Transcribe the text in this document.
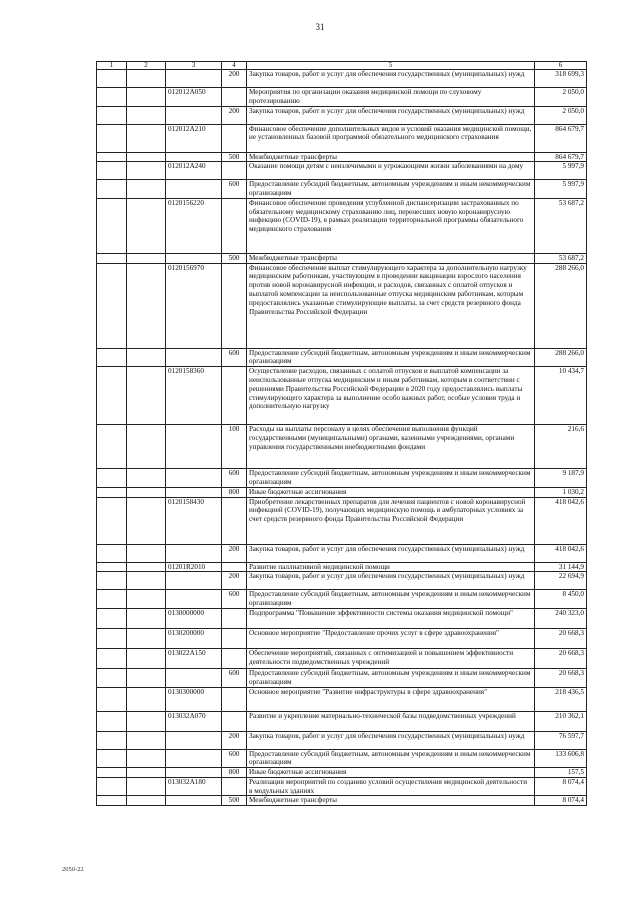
31
1	2	3	4	5	6
			200	Закупка товаров, работ и услуг для обеспечения государственных (муниципальных) нужд	318 699,3
		012012A050		Мероприятия по организации оказания медицинской помощи по слуховому протезированию	2 050,0
			200	Закупка товаров, работ и услуг для обеспечения государственных (муниципальных) нужд	2 050,0
		012012A210		Финансовое обеспечение дополнительных видов и условий оказания медицинской помощи, не установленных базовой программой обязательного медицинского страхования	864 679,7
			500	Межбюджетные трансферты	864 679,7
		012012A240		Оказание помощи детям с неизлечимыми и угрожающими жизни заболеваниями на дому	5 997,9
			600	Предоставление субсидий бюджетным, автономным учреждениям и иным некоммерческим организациям	5 997,9
		0120156220		Финансовое обеспечение проведения углубленной диспансеризации застрахованных по обязательному медицинскому страхованию лиц, перенесших новую коронавирусную инфекцию (COVID-19), в рамках реализации территориальной программы обязательного медицинского страхования	53 687,2
			500	Межбюджетные трансферты	53 687,2
		0120156970		Финансовое обеспечение выплат стимулирующего характера за дополнительную нагрузку медицинским работникам, участвующим в проведении вакцинации взрослого населения против новой коронавирусной инфекции, и расходов, связанных с оплатой отпусков и выплатой компенсации за неиспользованные отпуска медицинским работникам, которым предоставлялись указанные стимулирующие выплаты, за счет средств резервного фонда Правительства Российской Федерации	288 266,0
			600	Предоставление субсидий бюджетным, автономным учреждениям и иным некоммерческим организациям	288 266,0
		0120158360		Осуществление расходов, связанных с оплатой отпусков и выплатой компенсации за неиспользованные отпуска медицинским и иным работникам, которым в соответствии с решениями Правительства Российской Федерации в 2020 году предоставлялись выплаты стимулирующего характера за выполнение особо важных работ, особые условия труда и дополнительную нагрузку	10 434,7
			100	Расходы на выплаты персоналу в целях обеспечения выполнения функций государственными (муниципальными) органами, казенными учреждениями, органами управления государственными внебюджетными фондами	216,6
			600	Предоставление субсидий бюджетным, автономным учреждениям и иным некоммерческим организациям	9 187,9
			800	Иные бюджетные ассигнования	1 030,2
		0120158430		Приобретение лекарственных препаратов для лечения пациентов с новой коронавирусной инфекцией (COVID-19), получающих медицинскую помощь в амбулаторных условиях за счет средств резервного фонда Правительства Российской Федерации	418 042,6
			200	Закупка товаров, работ и услуг для обеспечения государственных (муниципальных) нужд	418 042,6
		01201R2010		Развитие паллиативной медицинской помощи	31 144,9
			200	Закупка товаров, работ и услуг для обеспечения государственных (муниципальных) нужд	22 694,9
			600	Предоставление субсидий бюджетным, автономным учреждениям и иным некоммерческим организациям	8 450,0
		0130000000		Подпрограмма "Повышение эффективности системы оказания медицинской помощи"	240 323,0
		0130200000		Основное мероприятие "Предоставление прочих услуг в сфере здравоохранения"	20 668,3
		013022A150		Обеспечение мероприятий, связанных с оптимизацией и повышением эффективности деятельности подведомственных учреждений	20 668,3
			600	Предоставление субсидий бюджетным, автономным учреждениям и иным некоммерческим организациям	20 668,3
		0130300000		Основное мероприятие "Развитие инфраструктуры в сфере здравоохранения"	218 436,5
		013032A070		Развитие и укрепление материально-технической базы подведомственных учреждений	210 362,1
			200	Закупка товаров, работ и услуг для обеспечения государственных (муниципальных) нужд	76 597,7
			600	Предоставление субсидий бюджетным, автономным учреждениям и иным некоммерческим организациям	133 606,8
			800	Иные бюджетные ассигнования	157,5
		013032A180		Реализация мероприятий по созданию условий осуществления медицинской деятельности в модульных зданиях	8 074,4
			500	Межбюджетные трансферты	8 074,4
2050-22
